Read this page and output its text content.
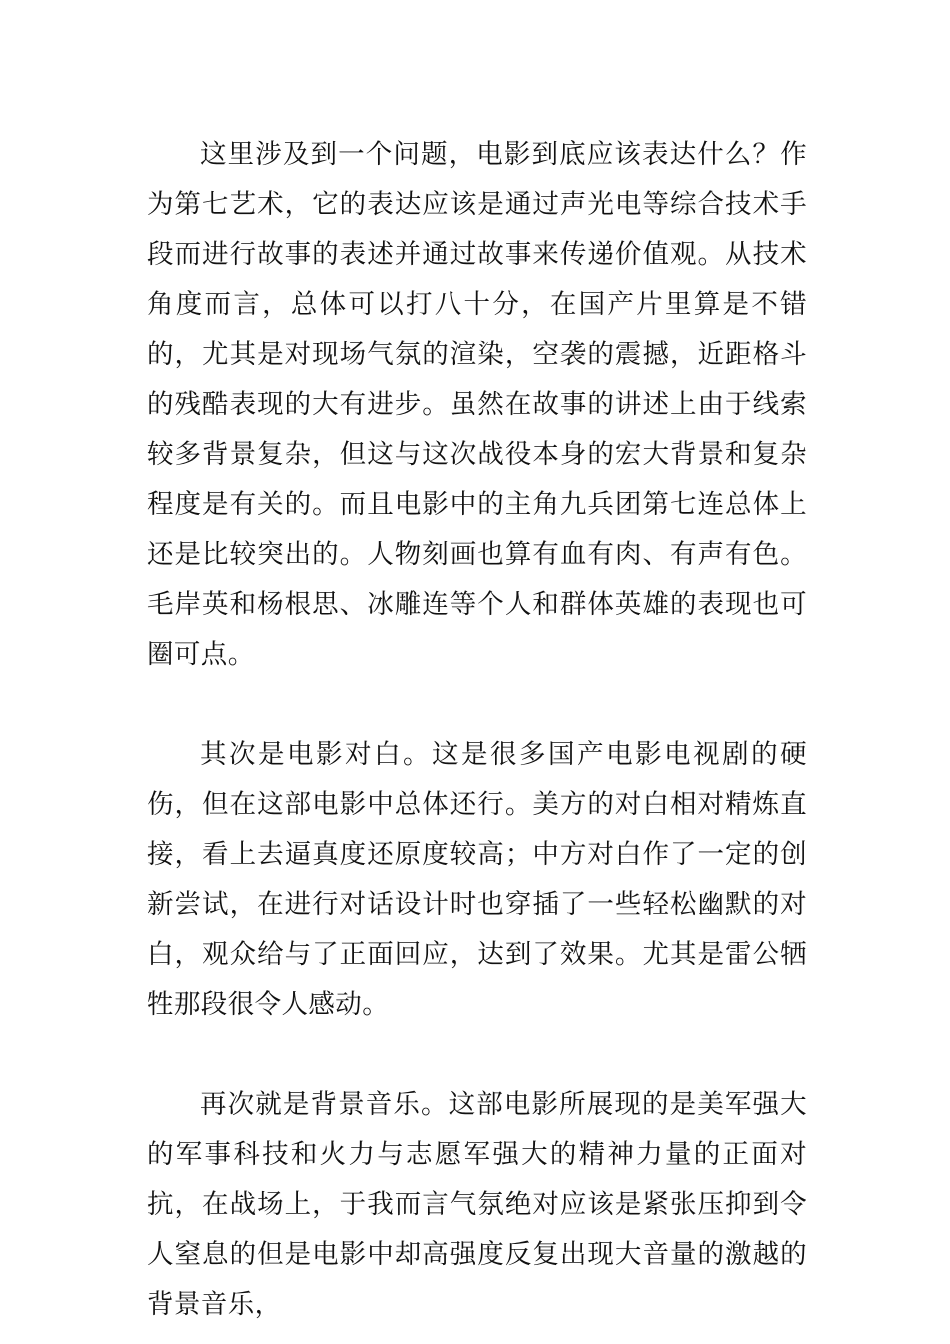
这里涉及到一个问题，电影到底应该表达什么？作为第七艺术，它的表达应该是通过声光电等综合技术手段而进行故事的表述并通过故事来传递价值观。从技术角度而言，总体可以打八十分，在国产片里算是不错的，尤其是对现场气氛的渲染，空袭的震撼，近距格斗的残酷表现的大有进步。虽然在故事的讲述上由于线索较多背景复杂，但这与这次战役本身的宏大背景和复杂程度是有关的。而且电影中的主角九兵团第七连总体上还是比较突出的。人物刻画也算有血有肉、有声有色。毛岸英和杨根思、冰雕连等个人和群体英雄的表现也可圈可点。

其次是电影对白。这是很多国产电影电视剧的硬伤，但在这部电影中总体还行。美方的对白相对精炼直接，看上去逼真度还原度较高；中方对白作了一定的创新尝试，在进行对话设计时也穿插了一些轻松幽默的对白，观众给与了正面回应，达到了效果。尤其是雷公牺牲那段很令人感动。

再次就是背景音乐。这部电影所展现的是美军强大的军事科技和火力与志愿军强大的精神力量的正面对抗，在战场上，于我而言气氛绝对应该是紧张压抑到令人窒息的但是电影中却高强度反复出现大音量的激越的背景音乐，
